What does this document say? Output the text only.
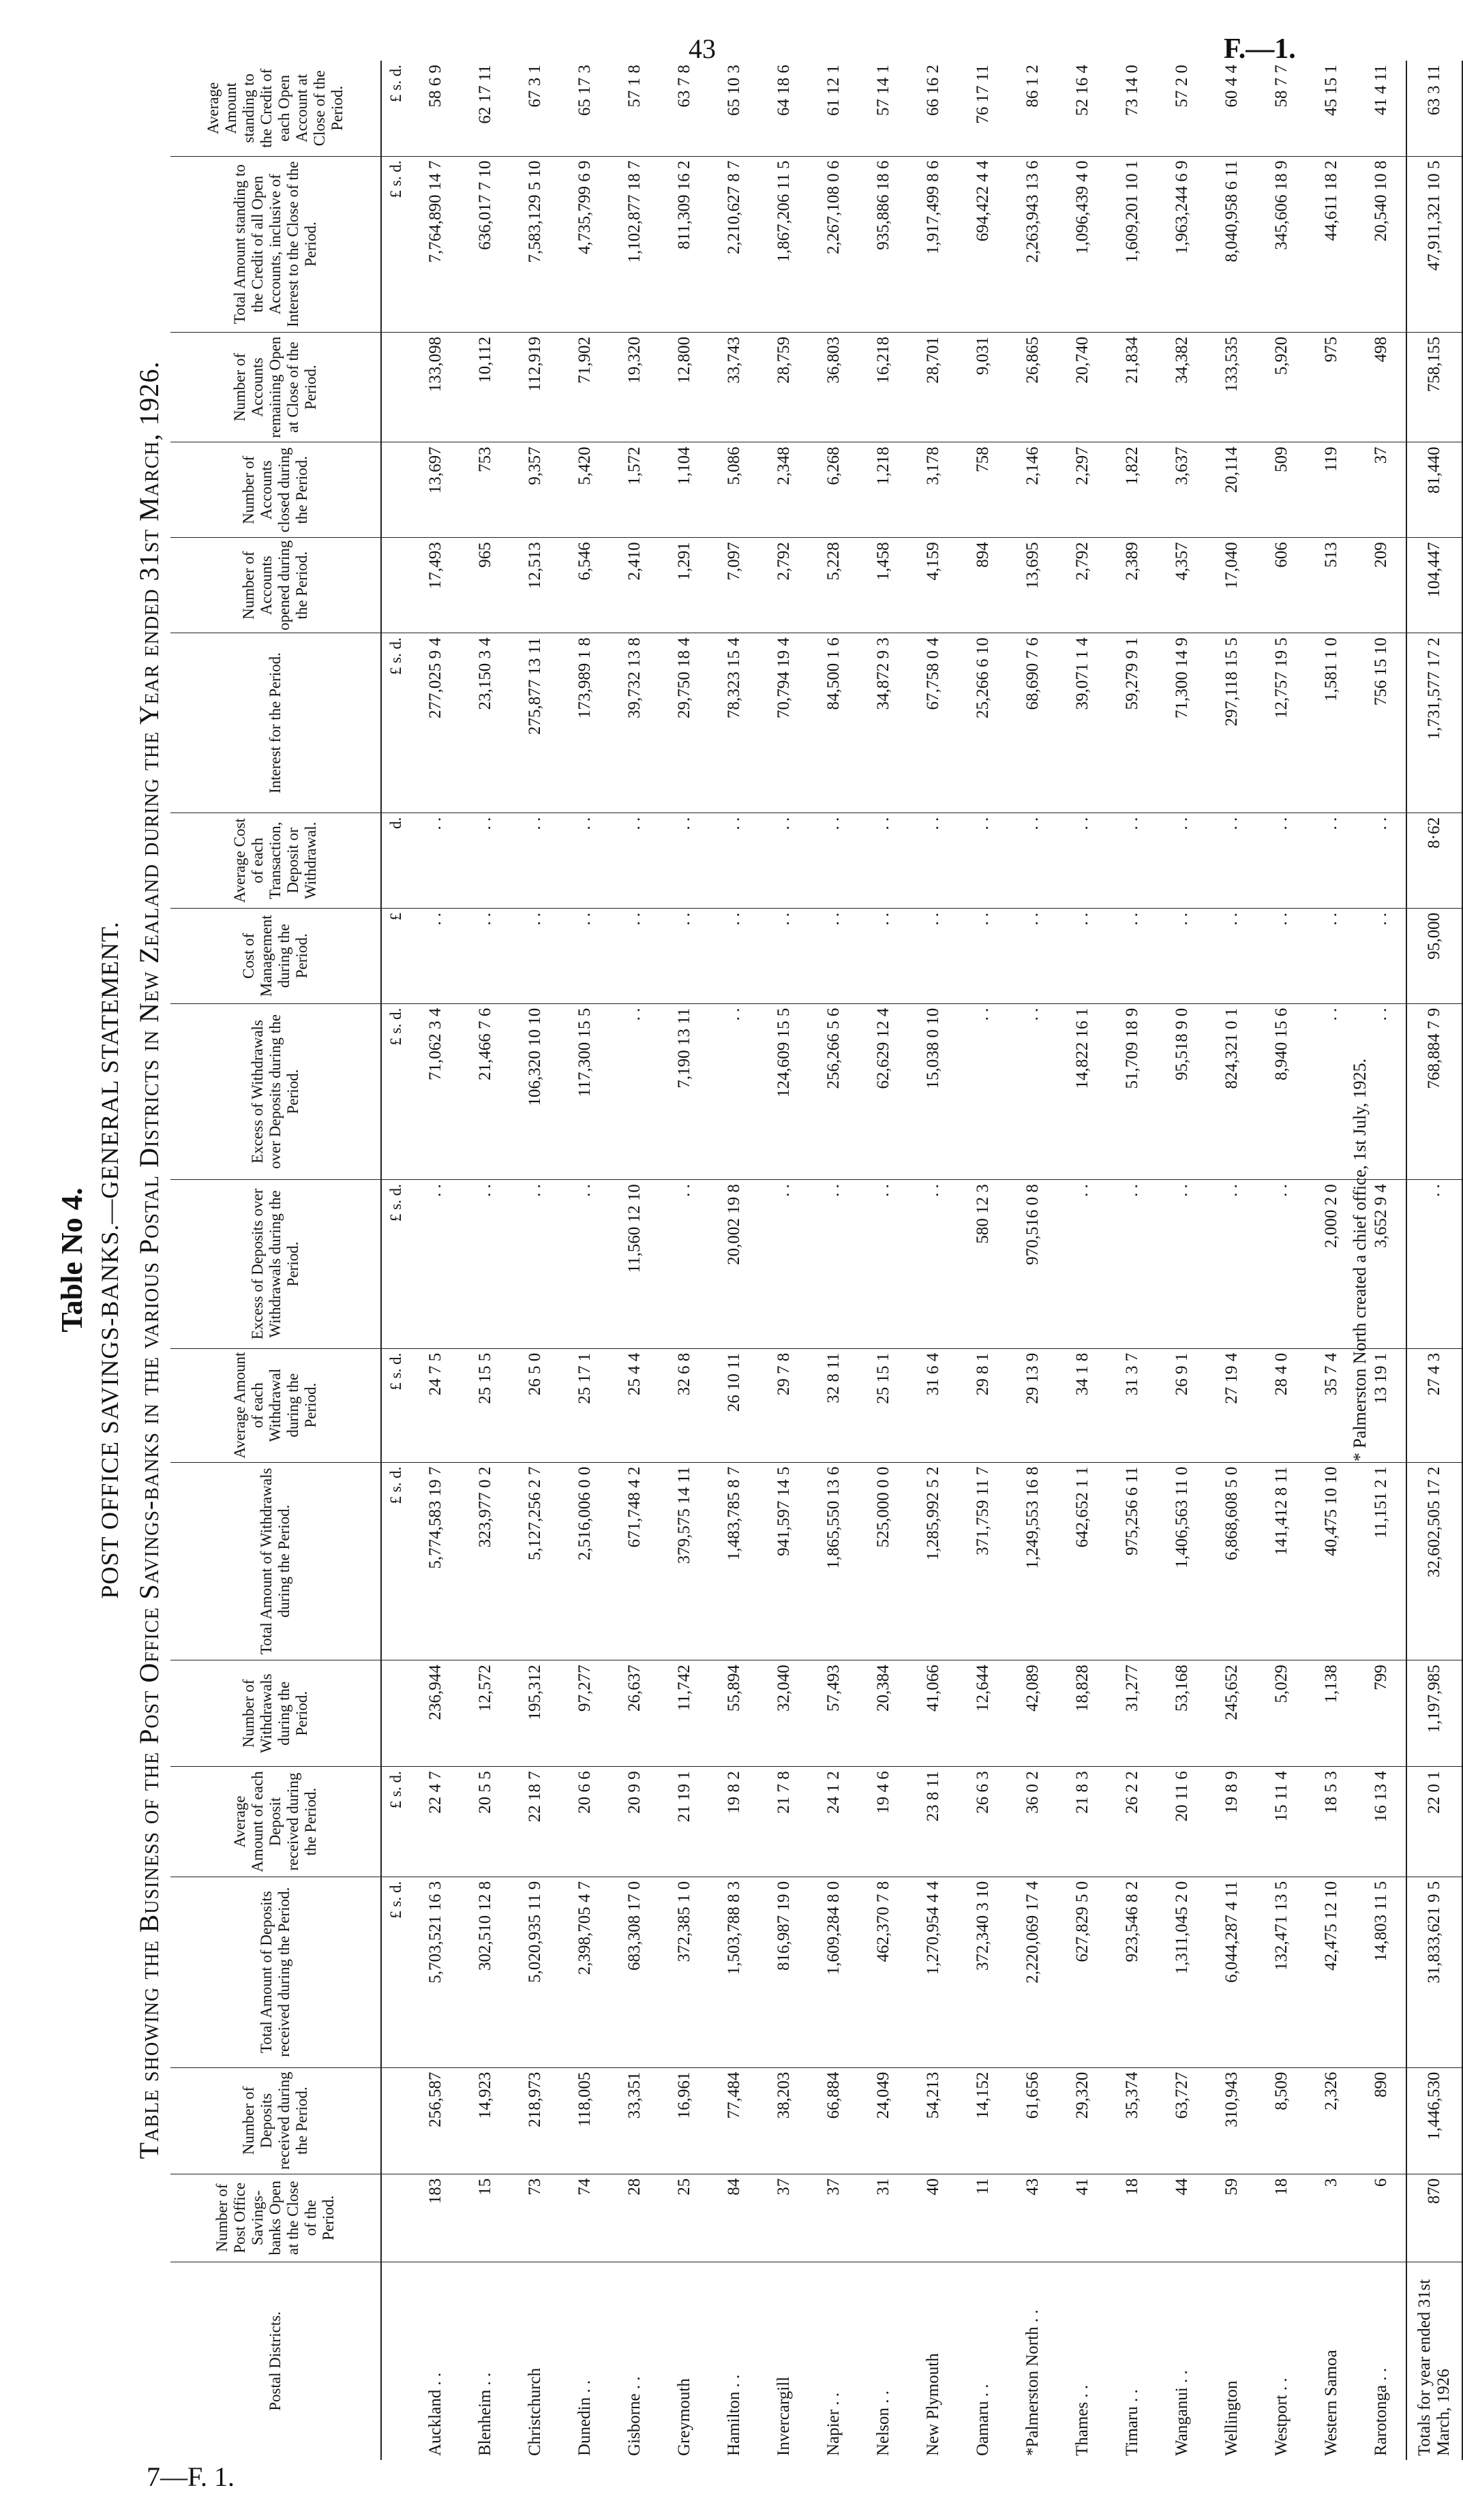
43	F.—1.
7—F. 1.
Table No 4. POST OFFICE SAVINGS-BANKS.—GENERAL STATEMENT. Table showing the Business of the Post Office Savings-banks in the various Postal Districts in New Zealand during the Year ended 31st March, 1926.
Postal Districts.	Number of Post Office Savings-banks Open at the Close of the Period.	Number of Deposits received during the Period.	Total Amount of Deposits received during the Period.	Average Amount of each Deposit received during the Period.	Number of Withdrawals during the Period.	Total Amount of Withdrawals during the Period.	Average Amount of each Withdrawal during the Period.	Excess of Deposits over Withdrawals during the Period.	Excess of Withdrawals over Deposits during the Period.	Cost of Management during the Period.	Average Cost of each Transaction, Deposit or Withdrawal.	Interest for the Period.	Number of Accounts opened during the Period.	Number of Accounts closed during the Period.	Number of Accounts remaining Open at Close of the Period.	Total Amount standing to the Credit of all Open Accounts, inclusive of Interest to the Close of the Period.	Average Amount standing to the Credit of each Open Account at Close of the Period.
			£ s. d.	£ s. d.		£ s. d.	£ s. d.	£ s. d.	£ s. d.	£	d.	£ s. d.				£ s. d.	£ s. d.
Auckland . .	183	256,587	5,703,521 16 3	22 4 7	236,944	5,774,583 19 7	24 7 5	. .	71,062 3 4	. .	. .	277,025 9 4	17,493	13,697	133,098	7,764,890 14 7	58 6 9
Blenheim . .	15	14,923	302,510 12 8	20 5 5	12,572	323,977 0 2	25 15 5	. .	21,466 7 6	. .	. .	23,150 3 4	965	753	10,112	636,017 7 10	62 17 11
Christchurch	73	218,973	5,020,935 11 9	22 18 7	195,312	5,127,256 2 7	26 5 0	. .	106,320 10 10	. .	. .	275,877 13 11	12,513	9,357	112,919	7,583,129 5 10	67 3 1
Dunedin . .	74	118,005	2,398,705 4 7	20 6 6	97,277	2,516,006 0 0	25 17 1	. .	117,300 15 5	. .	. .	173,989 1 8	6,546	5,420	71,902	4,735,799 6 9	65 17 3
Gisborne . .	28	33,351	683,308 17 0	20 9 9	26,637	671,748 4 2	25 4 4	11,560 12 10	. .	. .	. .	39,732 13 8	2,410	1,572	19,320	1,102,877 18 7	57 1 8
Greymouth	25	16,961	372,385 1 0	21 19 1	11,742	379,575 14 11	32 6 8	. .	7,190 13 11	. .	. .	29,750 18 4	1,291	1,104	12,800	811,309 16 2	63 7 8
Hamilton . .	84	77,484	1,503,788 8 3	19 8 2	55,894	1,483,785 8 7	26 10 11	20,002 19 8	. .	. .	. .	78,323 15 4	7,097	5,086	33,743	2,210,627 8 7	65 10 3
Invercargill	37	38,203	816,987 19 0	21 7 8	32,040	941,597 14 5	29 7 8	. .	124,609 15 5	. .	. .	70,794 19 4	2,792	2,348	28,759	1,867,206 11 5	64 18 6
Napier . .	37	66,884	1,609,284 8 0	24 1 2	57,493	1,865,550 13 6	32 8 11	. .	256,266 5 6	. .	. .	84,500 1 6	5,228	6,268	36,803	2,267,108 0 6	61 12 1
Nelson . .	31	24,049	462,370 7 8	19 4 6	20,384	525,000 0 0	25 15 1	. .	62,629 12 4	. .	. .	34,872 9 3	1,458	1,218	16,218	935,886 18 6	57 14 1
New Plymouth	40	54,213	1,270,954 4 4	23 8 11	41,066	1,285,992 5 2	31 6 4	. .	15,038 0 10	. .	. .	67,758 0 4	4,159	3,178	28,701	1,917,499 8 6	66 16 2
Oamaru . .	11	14,152	372,340 3 10	26 6 3	12,644	371,759 11 7	29 8 1	580 12 3	. .	. .	. .	25,266 6 10	894	758	9,031	694,422 4 4	76 17 11
*Palmerston North . .	43	61,656	2,220,069 17 4	36 0 2	42,089	1,249,553 16 8	29 13 9	970,516 0 8	. .	. .	. .	68,690 7 6	13,695	2,146	26,865	2,263,943 13 6	86 1 2
Thames . .	41	29,320	627,829 5 0	21 8 3	18,828	642,652 1 1	34 1 8	. .	14,822 16 1	. .	. .	39,071 1 4	2,792	2,297	20,740	1,096,439 4 0	52 16 4
Timaru . .	18	35,374	923,546 8 2	26 2 2	31,277	975,256 6 11	31 3 7	. .	51,709 18 9	. .	. .	59,279 9 1	2,389	1,822	21,834	1,609,201 10 1	73 14 0
Wanganui . .	44	63,727	1,311,045 2 0	20 11 6	53,168	1,406,563 11 0	26 9 1	. .	95,518 9 0	. .	. .	71,300 14 9	4,357	3,637	34,382	1,963,244 6 9	57 2 0
Wellington	59	310,943	6,044,287 4 11	19 8 9	245,652	6,868,608 5 0	27 19 4	. .	824,321 0 1	. .	. .	297,118 15 5	17,040	20,114	133,535	8,040,958 6 11	60 4 4
Westport . .	18	8,509	132,471 13 5	15 11 4	5,029	141,412 8 11	28 4 0	. .	8,940 15 6	. .	. .	12,757 19 5	606	509	5,920	345,606 18 9	58 7 7
Western Samoa	3	2,326	42,475 12 10	18 5 3	1,138	40,475 10 10	35 7 4	2,000 2 0	. .	. .	. .	1,581 1 0	513	119	975	44,611 18 2	45 15 1
Rarotonga . .	6	890	14,803 11 5	16 13 4	799	11,151 2 1	13 19 1	3,652 9 4	. .	. .	. .	756 15 10	209	37	498	20,540 10 8	41 4 11
Totals for year ended 31st March, 1926	870	1,446,530	31,833,621 9 5	22 0 1	1,197,985	32,602,505 17 2	27 4 3	. .	768,884 7 9	95,000	8·62	1,731,577 17 2	104,447	81,440	758,155	47,911,321 10 5	63 3 11
* Palmerston North created a chief office, 1st July, 1925.
